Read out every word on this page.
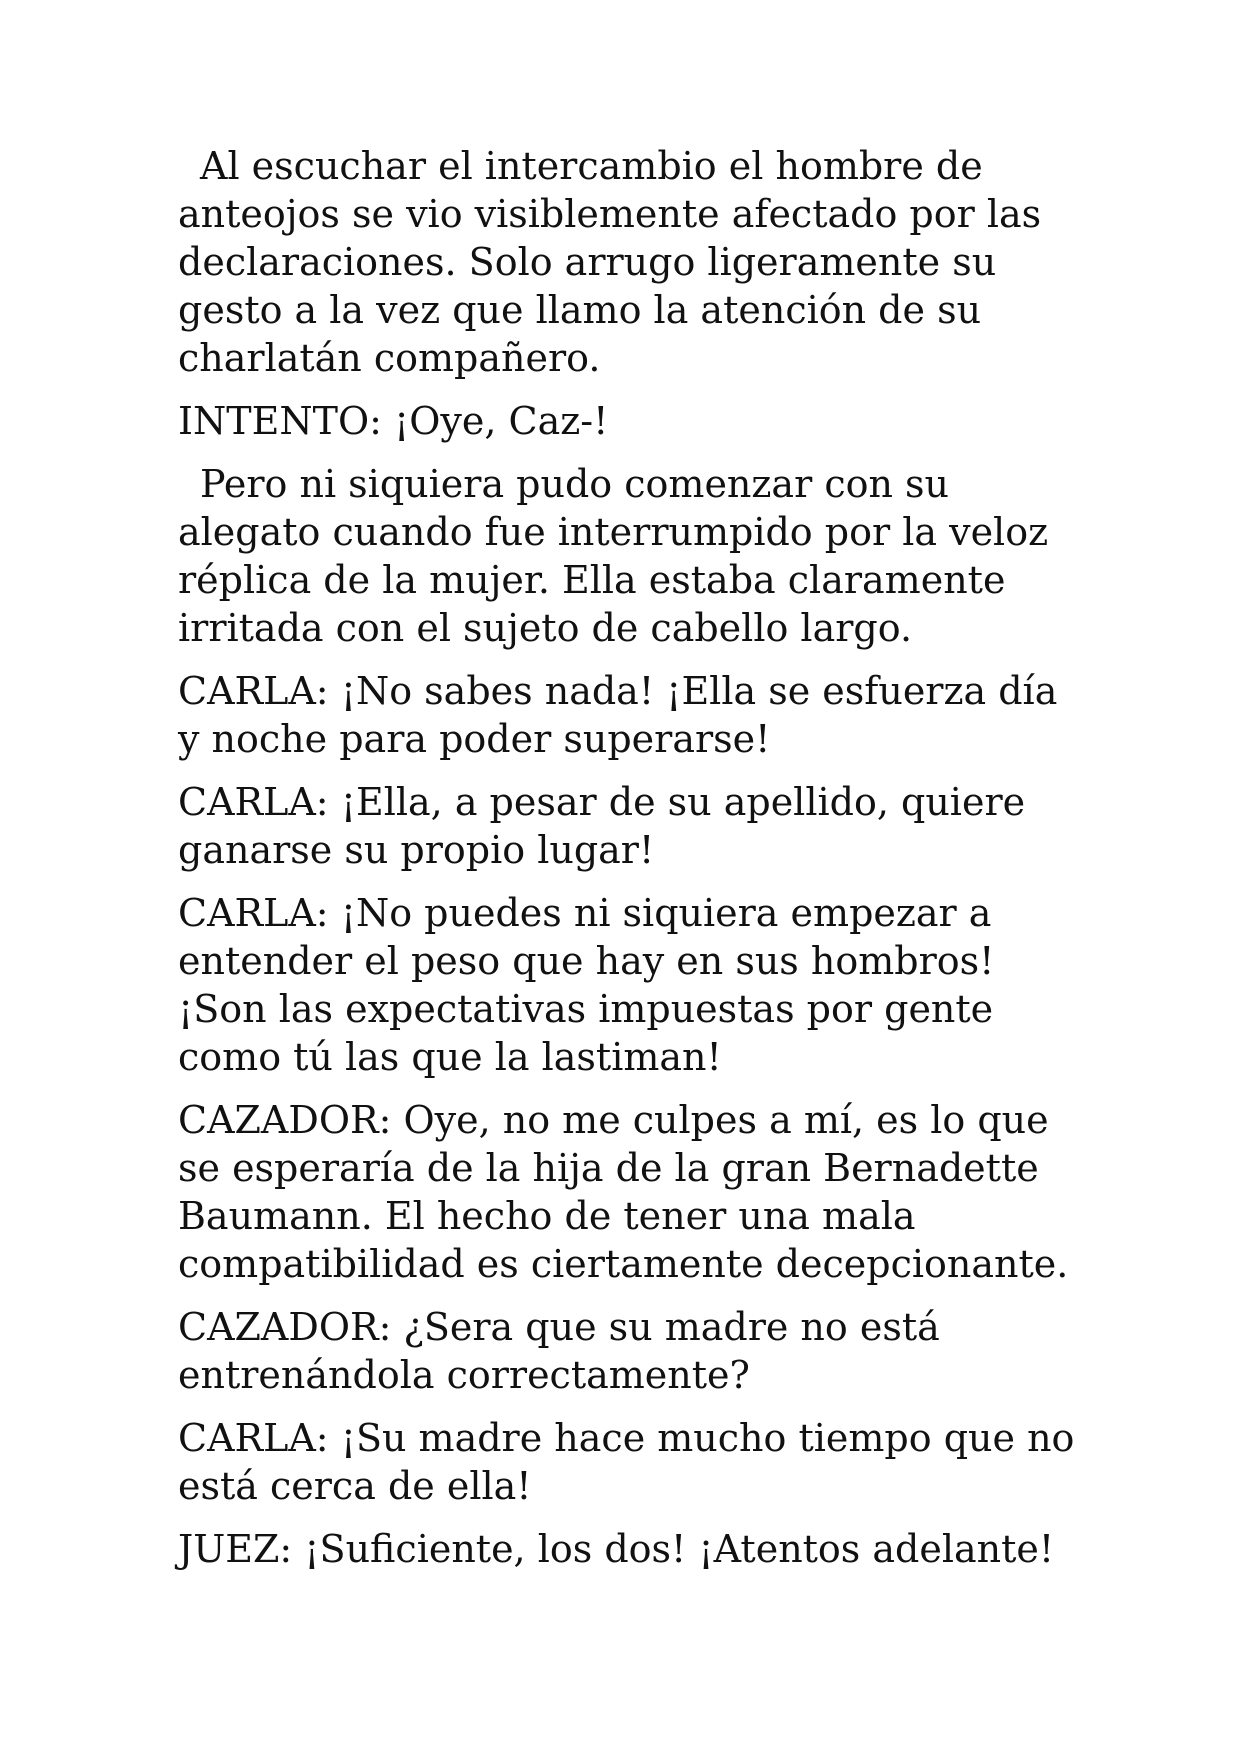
Al escuchar el intercambio el hombre de anteojos se vio visiblemente afectado por las declaraciones. Solo arrugo ligeramente su gesto a la vez que llamo la atención de su charlatán compañero.

INTENTO: ¡Oye, Caz-!

Pero ni siquiera pudo comenzar con su alegato cuando fue interrumpido por la veloz réplica de la mujer. Ella estaba claramente irritada con el sujeto de cabello largo.

CARLA: ¡No sabes nada! ¡Ella se esfuerza día y noche para poder superarse!

CARLA: ¡Ella, a pesar de su apellido, quiere ganarse su propio lugar!

CARLA: ¡No puedes ni siquiera empezar a entender el peso que hay en sus hombros! ¡Son las expectativas impuestas por gente como tú las que la lastiman!

CAZADOR: Oye, no me culpes a mí, es lo que se esperaría de la hija de la gran Bernadette Baumann. El hecho de tener una mala compatibilidad es ciertamente decepcionante.

CAZADOR: ¿Sera que su madre no está entrenándola correctamente?

CARLA: ¡Su madre hace mucho tiempo que no está cerca de ella!

JUEZ: ¡Suficiente, los dos! ¡Atentos adelante!
